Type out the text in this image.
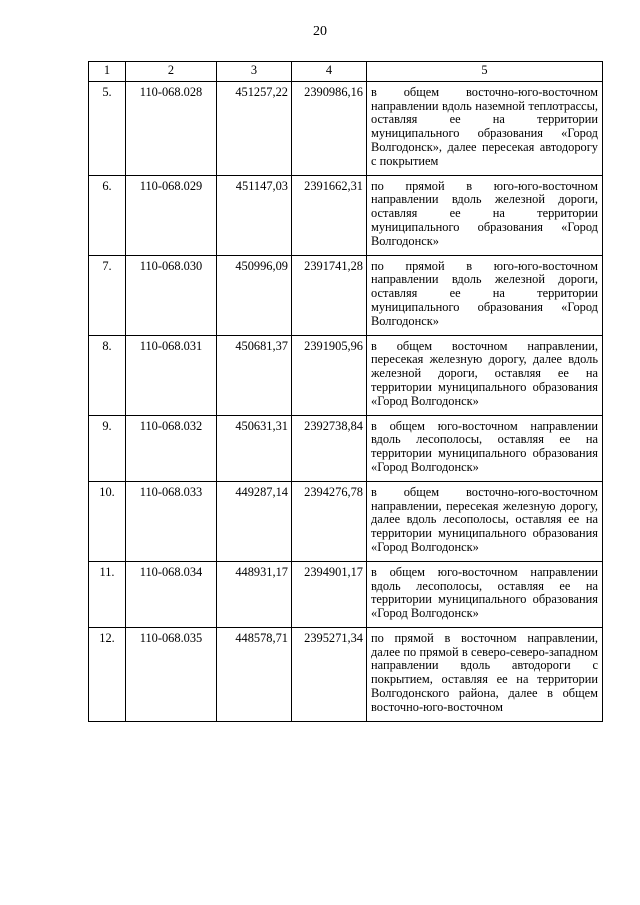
20
1	2	3	4	5
5.	110-068.028	451257,22	2390986,16	в общем восточно-юго-восточном направлении вдоль наземной теплотрассы, оставляя ее на территории муниципального образования «Город Волгодонск», далее пересекая автодорогу с покрытием
6.	110-068.029	451147,03	2391662,31	по прямой в юго-юго-восточном направлении вдоль железной дороги, оставляя ее на территории муниципального образования «Город Волгодонск»
7.	110-068.030	450996,09	2391741,28	по прямой в юго-юго-восточном направлении вдоль железной дороги, оставляя ее на территории муниципального образования «Город Волгодонск»
8.	110-068.031	450681,37	2391905,96	в общем восточном направлении, пересекая железную дорогу, далее вдоль железной дороги, оставляя ее на территории муниципального образования «Город Волгодонск»
9.	110-068.032	450631,31	2392738,84	в общем юго-восточном направлении вдоль лесополосы, оставляя ее на территории муниципального образования «Город Волгодонск»
10.	110-068.033	449287,14	2394276,78	в общем восточно-юго-восточном направлении, пересекая железную дорогу, далее вдоль лесополосы, оставляя ее на территории муниципального образования «Город Волгодонск»
11.	110-068.034	448931,17	2394901,17	в общем юго-восточном направлении вдоль лесополосы, оставляя ее на территории муниципального образования «Город Волгодонск»
12.	110-068.035	448578,71	2395271,34	по прямой в восточном направлении, далее по прямой в северо-северо-западном направлении вдоль автодороги с покрытием, оставляя ее на территории Волгодонского района, далее в общем восточно-юго-восточном
